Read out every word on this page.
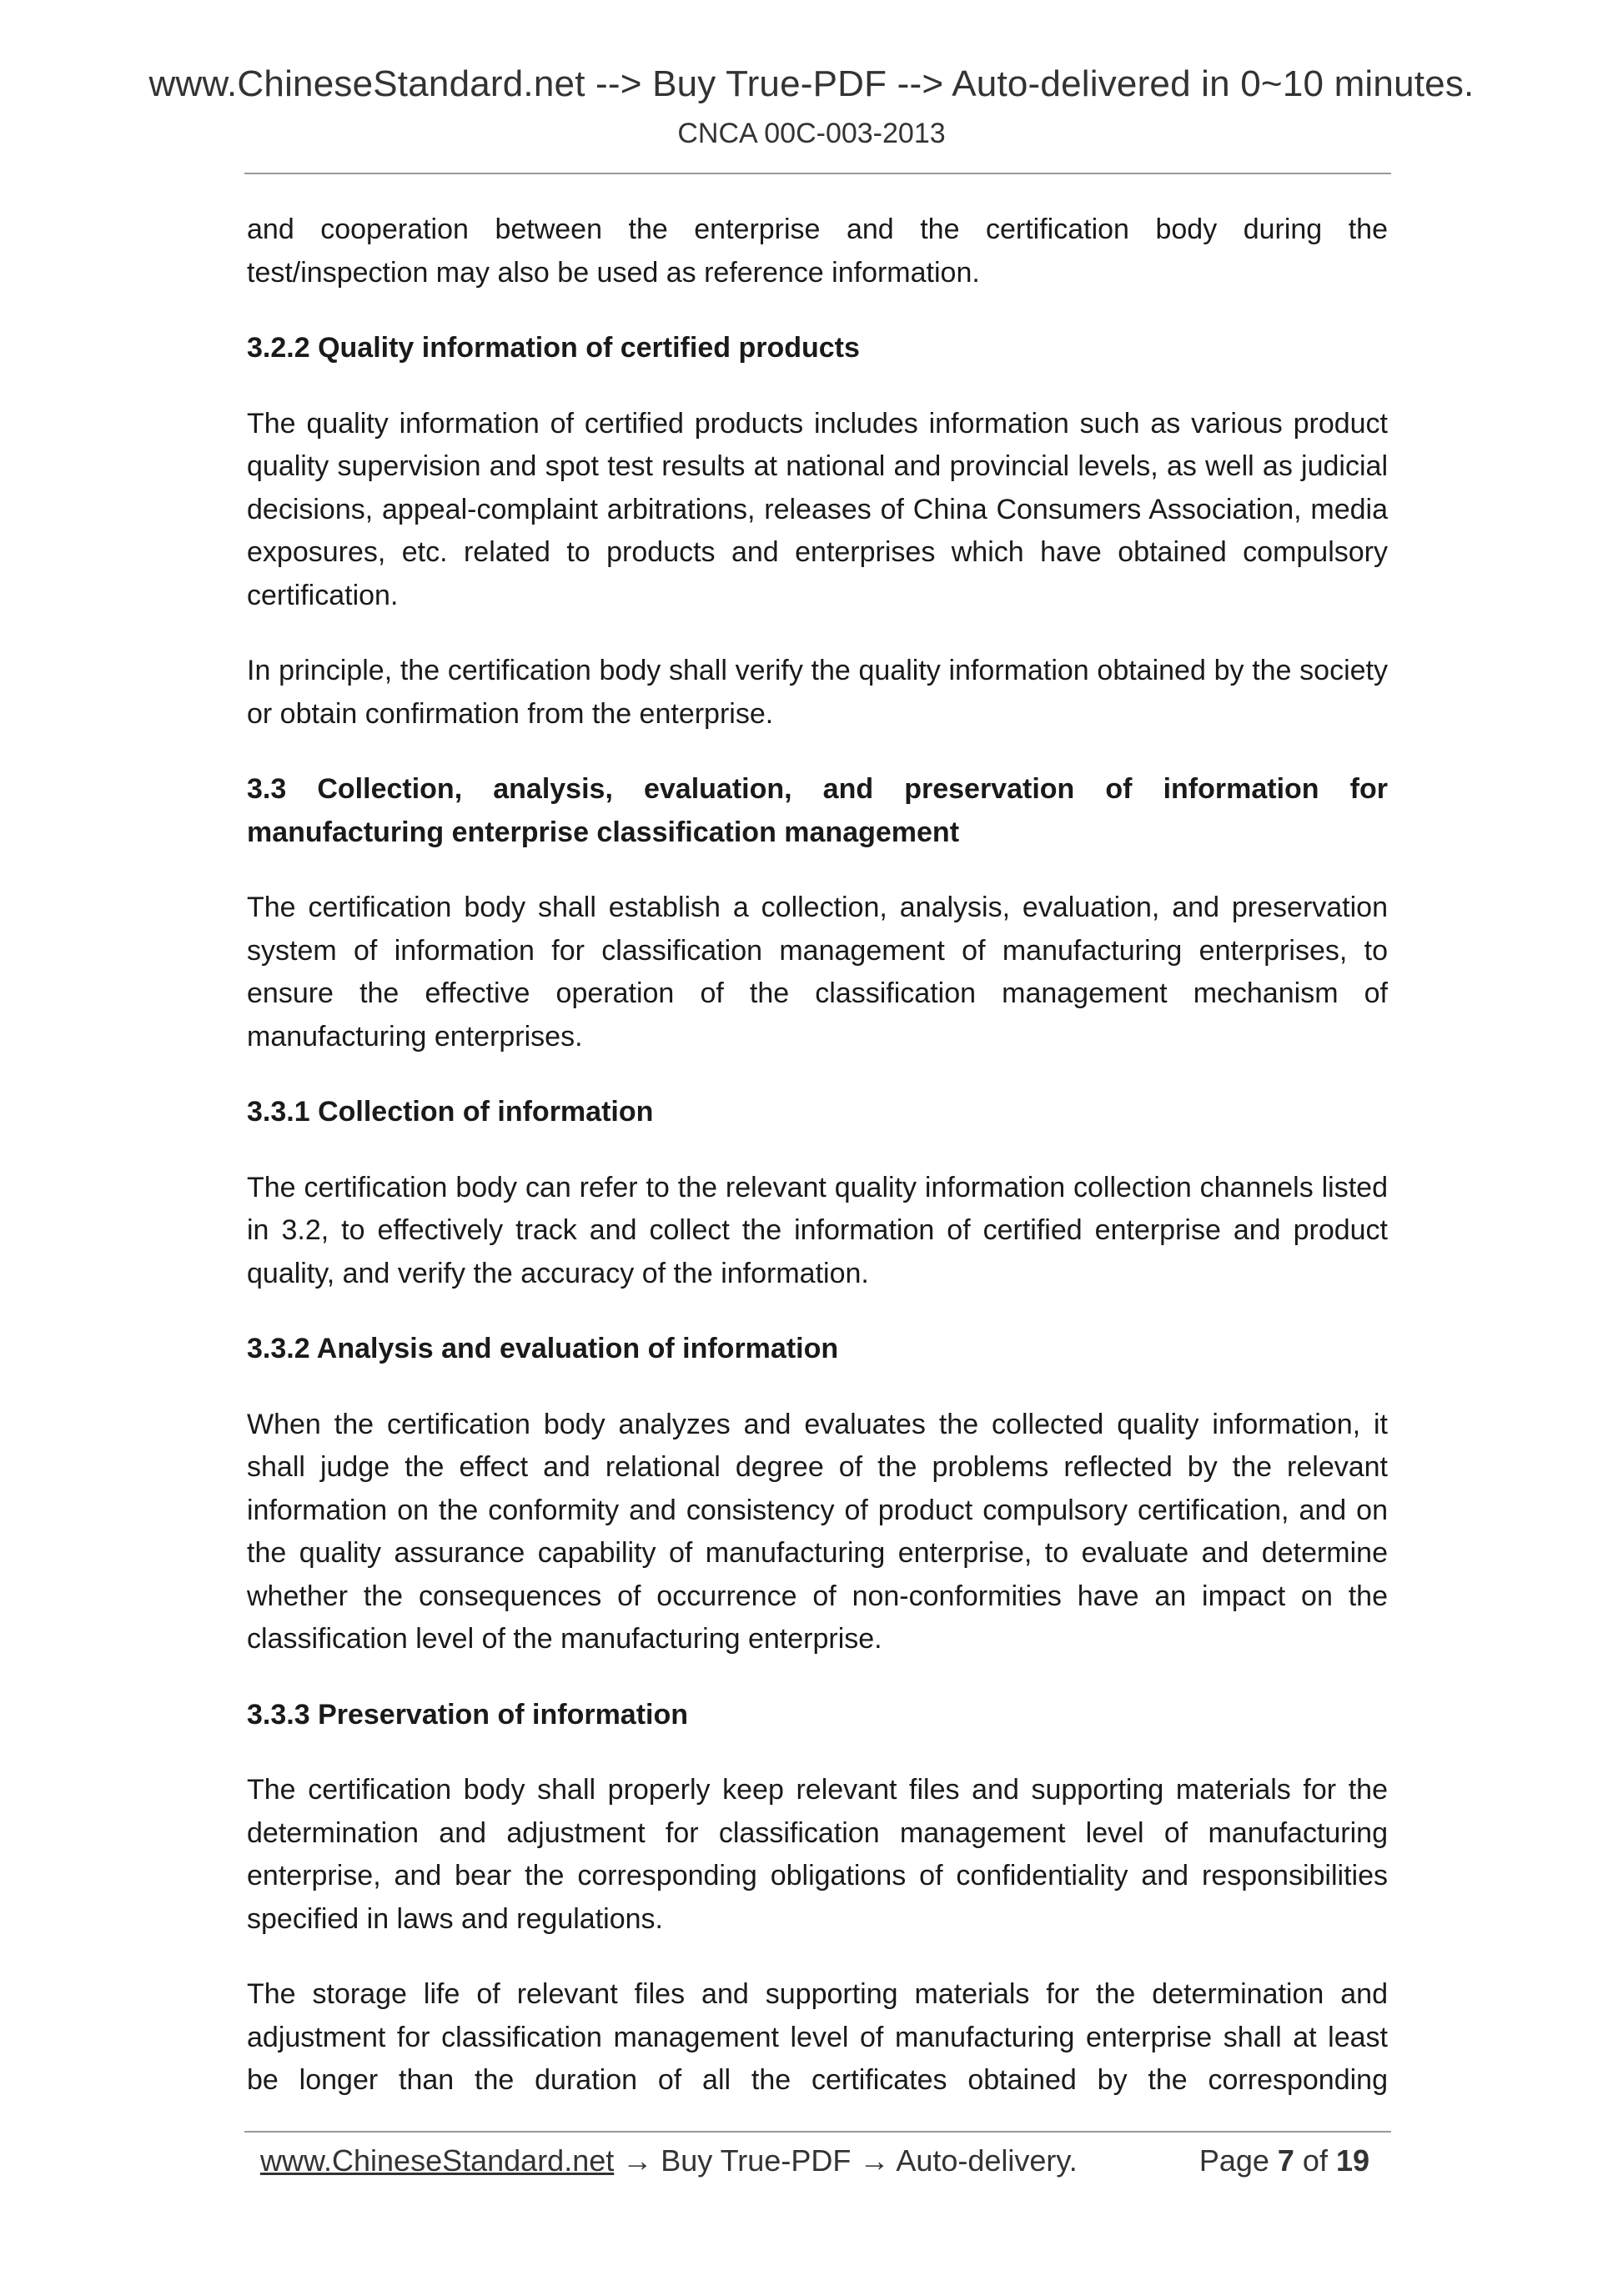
www.ChineseStandard.net --> Buy True-PDF --> Auto-delivered in 0~10 minutes.
CNCA 00C-003-2013

and cooperation between the enterprise and the certification body during the test/inspection may also be used as reference information.

3.2.2 Quality information of certified products

The quality information of certified products includes information such as various product quality supervision and spot test results at national and provincial levels, as well as judicial decisions, appeal-complaint arbitrations, releases of China Consumers Association, media exposures, etc. related to products and enterprises which have obtained compulsory certification.

In principle, the certification body shall verify the quality information obtained by the society or obtain confirmation from the enterprise.

3.3 Collection, analysis, evaluation, and preservation of information for manufacturing enterprise classification management

The certification body shall establish a collection, analysis, evaluation, and preservation system of information for classification management of manufacturing enterprises, to ensure the effective operation of the classification management mechanism of manufacturing enterprises.

3.3.1 Collection of information

The certification body can refer to the relevant quality information collection channels listed in 3.2, to effectively track and collect the information of certified enterprise and product quality, and verify the accuracy of the information.

3.3.2 Analysis and evaluation of information

When the certification body analyzes and evaluates the collected quality information, it shall judge the effect and relational degree of the problems reflected by the relevant information on the conformity and consistency of product compulsory certification, and on the quality assurance capability of manufacturing enterprise, to evaluate and determine whether the consequences of occurrence of non-conformities have an impact on the classification level of the manufacturing enterprise.

3.3.3 Preservation of information

The certification body shall properly keep relevant files and supporting materials for the determination and adjustment for classification management level of manufacturing enterprise, and bear the corresponding obligations of confidentiality and responsibilities specified in laws and regulations.

The storage life of relevant files and supporting materials for the determination and adjustment for classification management level of manufacturing enterprise shall at least be longer than the duration of all the certificates obtained by the corresponding

www.ChineseStandard.net → Buy True-PDF → Auto-delivery.	Page 7 of 19
